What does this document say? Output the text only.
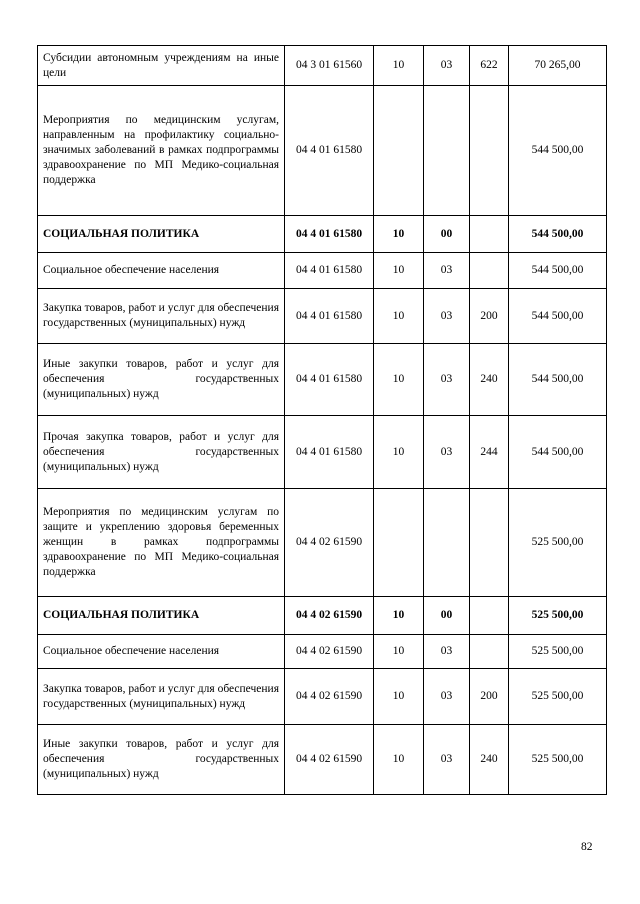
Субсидии автономным учреждениям на иные цели	04 3 01 61560	10	03	622	70 265,00
Мероприятия по медицинским услугам, направленным на профилактику социально- значимых заболеваний в рамках подпрограммы здравоохранение по МП Медико-социальная поддержка	04 4 01 61580				544 500,00
СОЦИАЛЬНАЯ ПОЛИТИКА	04 4 01 61580	10	00		544 500,00
Социальное обеспечение населения	04 4 01 61580	10	03		544 500,00
Закупка товаров, работ и услуг для обеспечения государственных (муниципальных) нужд	04 4 01 61580	10	03	200	544 500,00
Иные закупки товаров, работ и услуг для обеспечения государственных (муниципальных) нужд	04 4 01 61580	10	03	240	544 500,00
Прочая закупка товаров, работ и услуг для обеспечения государственных (муниципальных) нужд	04 4 01 61580	10	03	244	544 500,00
Мероприятия по медицинским услугам по защите и укреплению здоровья беременных женщин в рамках подпрограммы здравоохранение по МП Медико-социальная поддержка	04 4 02 61590				525 500,00
СОЦИАЛЬНАЯ ПОЛИТИКА	04 4 02 61590	10	00		525 500,00
Социальное обеспечение населения	04 4 02 61590	10	03		525 500,00
Закупка товаров, работ и услуг для обеспечения государственных (муниципальных) нужд	04 4 02 61590	10	03	200	525 500,00
Иные закупки товаров, работ и услуг для обеспечения государственных (муниципальных) нужд	04 4 02 61590	10	03	240	525 500,00
82
